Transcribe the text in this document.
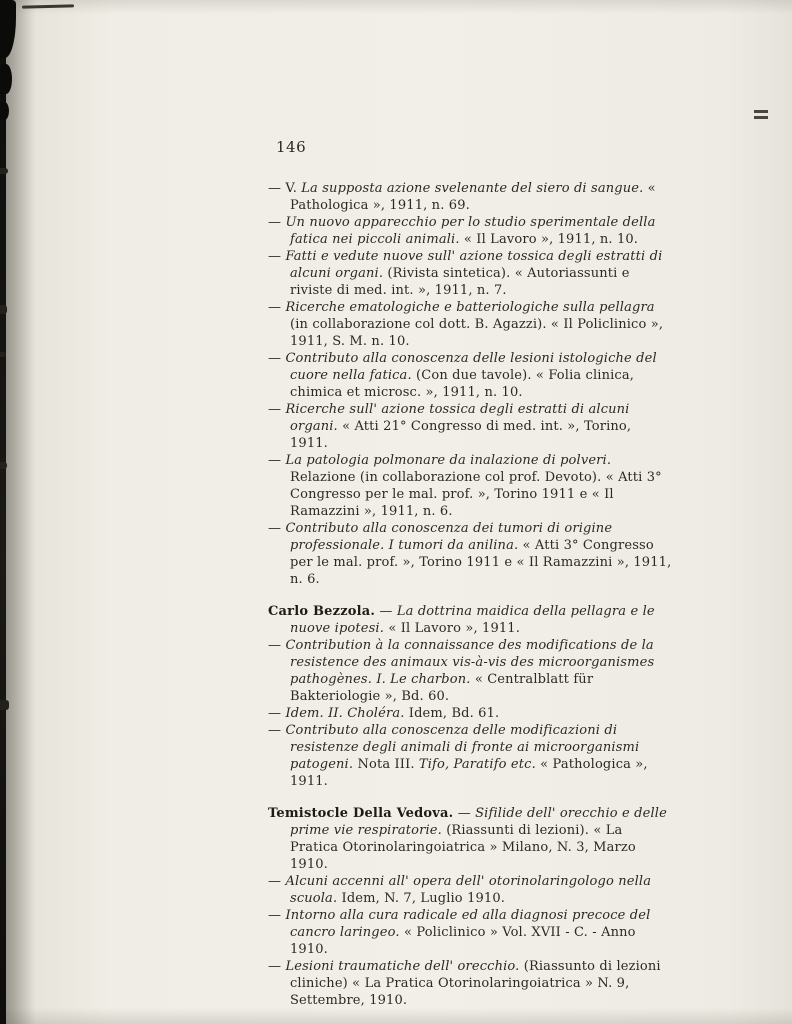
146

— V. La supposta azione svelenante del siero di sangue. « Pathologica », 1911, n. 69.

— Un nuovo apparecchio per lo studio sperimentale della fatica nei piccoli animali. « Il Lavoro », 1911, n. 10.

— Fatti e vedute nuove sull' azione tossica degli estratti di alcuni organi. (Rivista sintetica). « Autoriassunti e riviste di med. int. », 1911, n. 7.

— Ricerche ematologiche e batteriologiche sulla pellagra (in collaborazione col dott. B. Agazzi). « Il Policlinico », 1911, S. M. n. 10.

— Contributo alla conoscenza delle lesioni istologiche del cuore nella fatica. (Con due tavole). « Folia clinica, chimica et microsc. », 1911, n. 10.

— Ricerche sull' azione tossica degli estratti di alcuni organi. « Atti 21° Congresso di med. int. », Torino, 1911.

— La patologia polmonare da inalazione di polveri. Relazione (in collaborazione col prof. Devoto). « Atti 3° Congresso per le mal. prof. », Torino 1911 e « Il Ramazzini », 1911, n. 6.

— Contributo alla conoscenza dei tumori di origine professionale. I tumori da anilina. « Atti 3° Congresso per le mal. prof. », Torino 1911 e « Il Ramazzini », 1911, n. 6.

Carlo Bezzola. — La dottrina maidica della pellagra e le nuove ipotesi. « Il Lavoro », 1911.

— Contribution à la connaissance des modifications de la resistence des animaux vis-à-vis des microorganismes pathogènes. I. Le charbon. « Centralblatt für Bakteriologie », Bd. 60.

— Idem. II. Choléra. Idem, Bd. 61.

— Contributo alla conoscenza delle modificazioni di resistenze degli animali di fronte ai microorganismi patogeni. Nota III. Tifo, Paratifo etc. « Pathologica », 1911.

Temistocle Della Vedova. — Sifilide dell' orecchio e delle prime vie respiratorie. (Riassunti di lezioni). « La Pratica Otorinolaringoiatrica » Milano, N. 3, Marzo 1910.

— Alcuni accenni all' opera dell' otorinolaringologo nella scuola. Idem, N. 7, Luglio 1910.

— Intorno alla cura radicale ed alla diagnosi precoce del cancro laringeo. « Policlinico » Vol. XVII - C. - Anno 1910.

— Lesioni traumatiche dell' orecchio. (Riassunto di lezioni cliniche) « La Pratica Otorinolaringoiatrica » N. 9, Settembre, 1910.
